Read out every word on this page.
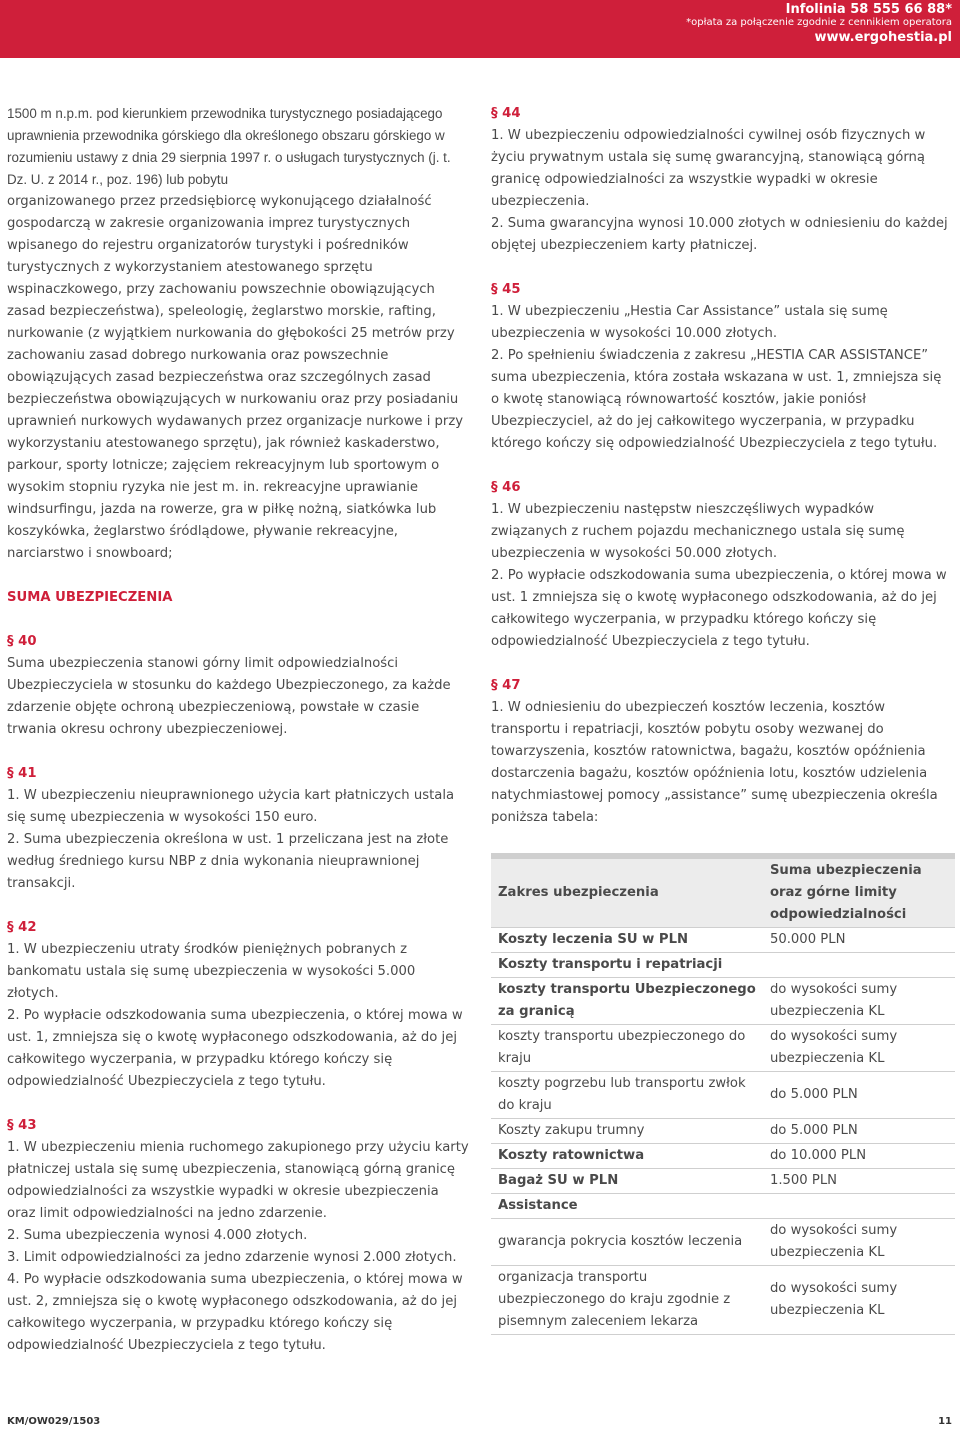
Infolinia 58 555 66 88*
*opłata za połączenie zgodnie z cennikiem operatora
www.ergohestia.pl

1500 m n.p.m. pod kierunkiem przewodnika turystycznego posiadającego uprawnienia przewodnika górskiego dla określonego obszaru górskiego w rozumieniu ustawy z dnia 29 sierpnia 1997 r. o usługach turystycznych (j. t. Dz. U. z 2014 r., poz. 196) lub pobytu

organizowanego przez przedsiębiorcę wykonującego działalność gospodarczą w zakresie organizowania imprez turystycznych wpisanego do rejestru organizatorów turystyki i pośredników turystycznych z wykorzystaniem atestowanego sprzętu wspinaczkowego, przy zachowaniu powszechnie obowiązujących zasad bezpieczeństwa), speleologię, żeglarstwo morskie, rafting, nurkowanie (z wyjątkiem nurkowania do głębokości 25 metrów przy zachowaniu zasad dobrego nurkowania oraz powszechnie obowiązujących zasad bezpieczeństwa oraz szczególnych zasad bezpieczeństwa obowiązujących w nurkowaniu oraz przy posiadaniu uprawnień nurkowych wydawanych przez organizacje nurkowe i przy wykorzystaniu atestowanego sprzętu), jak również kaskaderstwo, parkour, sporty lotnicze; zajęciem rekreacyjnym lub sportowym o wysokim stopniu ryzyka nie jest m. in. rekreacyjne uprawianie windsurfingu, jazda na rowerze, gra w piłkę nożną, siatkówka lub koszykówka, żeglarstwo śródlądowe, pływanie rekreacyjne, narciarstwo i snowboard;

SUMA UBEZPIECZENIA

§ 40

Suma ubezpieczenia stanowi górny limit odpowiedzialności Ubezpieczyciela w stosunku do każdego Ubezpieczonego, za każde zdarzenie objęte ochroną ubezpieczeniową, powstałe w czasie trwania okresu ochrony ubezpieczeniowej.

§ 41

1. W ubezpieczeniu nieuprawnionego użycia kart płatniczych ustala się sumę ubezpieczenia w wysokości 150 euro.

2. Suma ubezpieczenia określona w ust. 1 przeliczana jest na złote według średniego kursu NBP z dnia wykonania nieuprawnionej transakcji.

§ 42

1. W ubezpieczeniu utraty środków pieniężnych pobranych z bankomatu ustala się sumę ubezpieczenia w wysokości 5.000 złotych.

2. Po wypłacie odszkodowania suma ubezpieczenia, o której mowa w ust. 1, zmniejsza się o kwotę wypłaconego odszkodowania, aż do jej całkowitego wyczerpania, w przypadku którego kończy się odpowiedzialność Ubezpieczyciela z tego tytułu.

§ 43

1. W ubezpieczeniu mienia ruchomego zakupionego przy użyciu karty płatniczej ustala się sumę ubezpieczenia, stanowiącą górną granicę odpowiedzialności za wszystkie wypadki w okresie ubezpieczenia oraz limit odpowiedzialności na jedno zdarzenie.

2. Suma ubezpieczenia wynosi 4.000 złotych.

3. Limit odpowiedzialności za jedno zdarzenie wynosi 2.000 złotych.

4. Po wypłacie odszkodowania suma ubezpieczenia, o której mowa w ust. 2, zmniejsza się o kwotę wypłaconego odszkodowania, aż do jej całkowitego wyczerpania, w przypadku którego kończy się odpowiedzialność Ubezpieczyciela z tego tytułu.

§ 44

1. W ubezpieczeniu odpowiedzialności cywilnej osób fizycznych w życiu prywatnym ustala się sumę gwarancyjną, stanowiącą górną granicę odpowiedzialności za wszystkie wypadki w okresie ubezpieczenia.

2. Suma gwarancyjna wynosi 10.000 złotych w odniesieniu do każdej objętej ubezpieczeniem karty płatniczej.

§ 45

1. W ubezpieczeniu „Hestia Car Assistance” ustala się sumę ubezpieczenia w wysokości 10.000 złotych.

2. Po spełnieniu świadczenia z zakresu „HESTIA CAR ASSISTANCE” suma ubezpieczenia, która została wskazana w ust. 1, zmniejsza się o kwotę stanowiącą równowartość kosztów, jakie poniósł Ubezpieczyciel, aż do jej całkowitego wyczerpania, w przypadku którego kończy się odpowiedzialność Ubezpieczyciela z tego tytułu.

§ 46

1. W ubezpieczeniu następstw nieszczęśliwych wypadków związanych z ruchem pojazdu mechanicznego ustala się sumę ubezpieczenia w wysokości 50.000 złotych.

2. Po wypłacie odszkodowania suma ubezpieczenia, o której mowa w ust. 1 zmniejsza się o kwotę wypłaconego odszkodowania, aż do jej całkowitego wyczerpania, w przypadku którego kończy się odpowiedzialność Ubezpieczyciela z tego tytułu.

§ 47

1. W odniesieniu do ubezpieczeń kosztów leczenia, kosztów transportu i repatriacji, kosztów pobytu osoby wezwanej do towarzyszenia, kosztów ratownictwa, bagażu, kosztów opóźnienia dostarczenia bagażu, kosztów opóźnienia lotu, kosztów udzielenia natychmiastowej pomocy „assistance” sumę ubezpieczenia określa poniższa tabela:

Zakres ubezpieczenia	Suma ubezpieczenia oraz górne limity odpowiedzialności
Koszty leczenia SU w PLN	50.000 PLN
Koszty transportu i repatriacji	
koszty transportu Ubezpieczonego za granicą	do wysokości sumy ubezpieczenia KL
koszty transportu ubezpieczonego do kraju	do wysokości sumy ubezpieczenia KL
koszty pogrzebu lub transportu zwłok do kraju	do 5.000 PLN
Koszty zakupu trumny	do 5.000 PLN
Koszty ratownictwa	do 10.000 PLN
Bagaż SU w PLN	1.500 PLN
Assistance	
gwarancja pokrycia kosztów leczenia	do wysokości sumy ubezpieczenia KL
organizacja transportu ubezpieczonego do kraju zgodnie z pisemnym zaleceniem lekarza	do wysokości sumy ubezpieczenia KL
KM/OW029/1503	11
